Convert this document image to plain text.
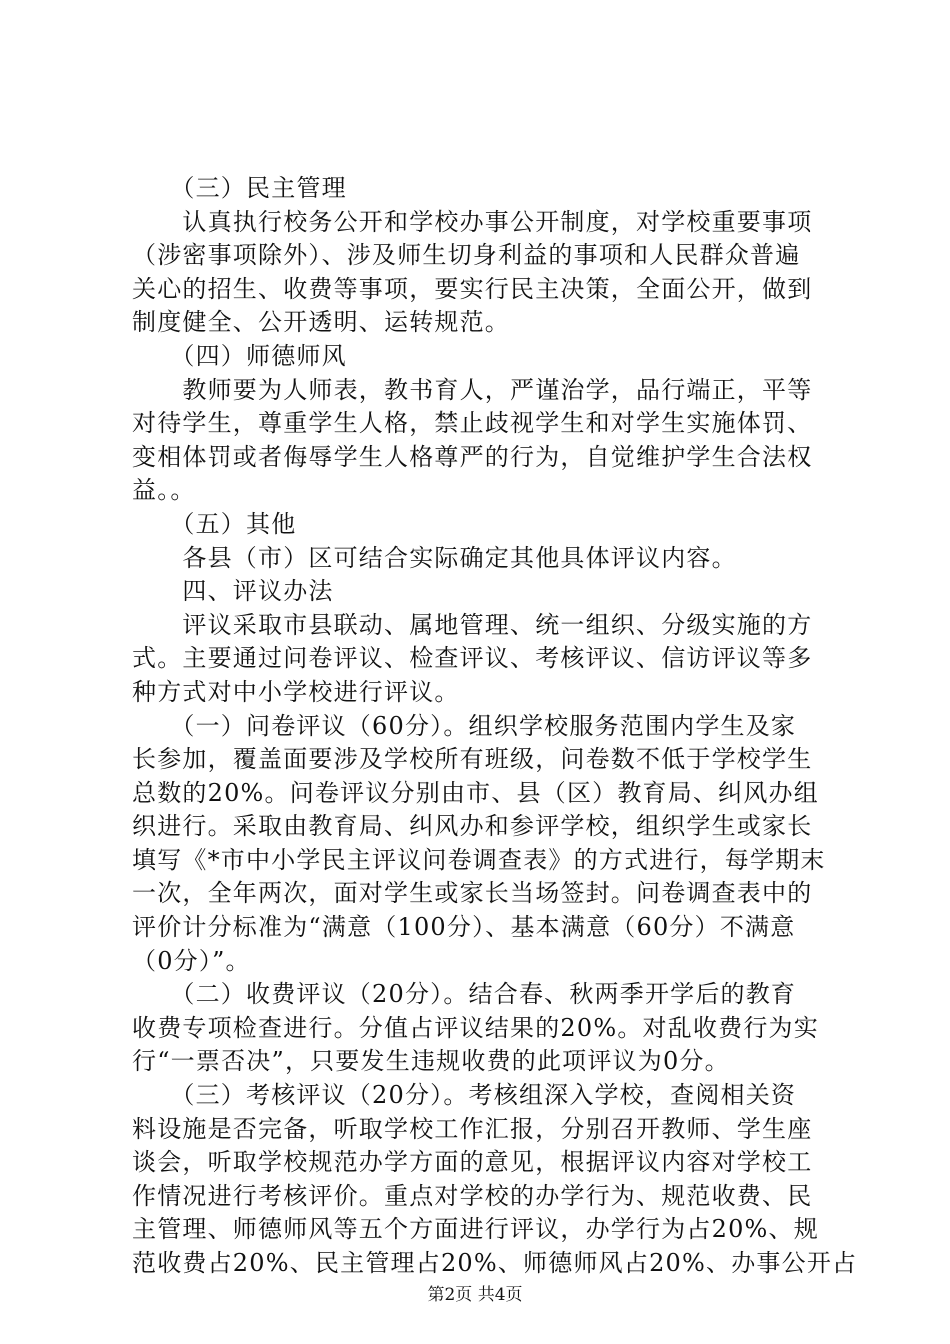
　　（三）民主管理
　　认真执行校务公开和学校办事公开制度，对学校重要事项
（涉密事项除外）、涉及师生切身利益的事项和人民群众普遍
关心的招生、收费等事项，要实行民主决策，全面公开，做到
制度健全、公开透明、运转规范。
　　（四）师德师风
　　教师要为人师表，教书育人，严谨治学，品行端正，平等
对待学生，尊重学生人格，禁止歧视学生和对学生实施体罚、
变相体罚或者侮辱学生人格尊严的行为，自觉维护学生合法权
益。。
　　（五）其他
　　各县（市）区可结合实际确定其他具体评议内容。
　　四、评议办法
　　评议采取市县联动、属地管理、统一组织、分级实施的方
式。主要通过问卷评议、检查评议、考核评议、信访评议等多
种方式对中小学校进行评议。
　　（一）问卷评议（60分）。组织学校服务范围内学生及家
长参加，覆盖面要涉及学校所有班级，问卷数不低于学校学生
总数的20%。问卷评议分别由市、县（区）教育局、纠风办组
织进行。采取由教育局、纠风办和参评学校，组织学生或家长
填写《*市中小学民主评议问卷调查表》的方式进行，每学期末
一次，全年两次，面对学生或家长当场签封。问卷调查表中的
评价计分标准为“满意（100分）、基本满意（60分）不满意
（0分）”。
　　（二）收费评议（20分）。结合春、秋两季开学后的教育
收费专项检查进行。分值占评议结果的20%。对乱收费行为实
行“一票否决”，只要发生违规收费的此项评议为0分。
　　（三）考核评议（20分）。考核组深入学校，查阅相关资
料设施是否完备，听取学校工作汇报，分别召开教师、学生座
谈会，听取学校规范办学方面的意见，根据评议内容对学校工
作情况进行考核评价。重点对学校的办学行为、规范收费、民
主管理、师德师风等五个方面进行评议，办学行为占20%、规
范收费占20%、民主管理占20%、师德师风占20%、办事公开占
第2页 共4页
